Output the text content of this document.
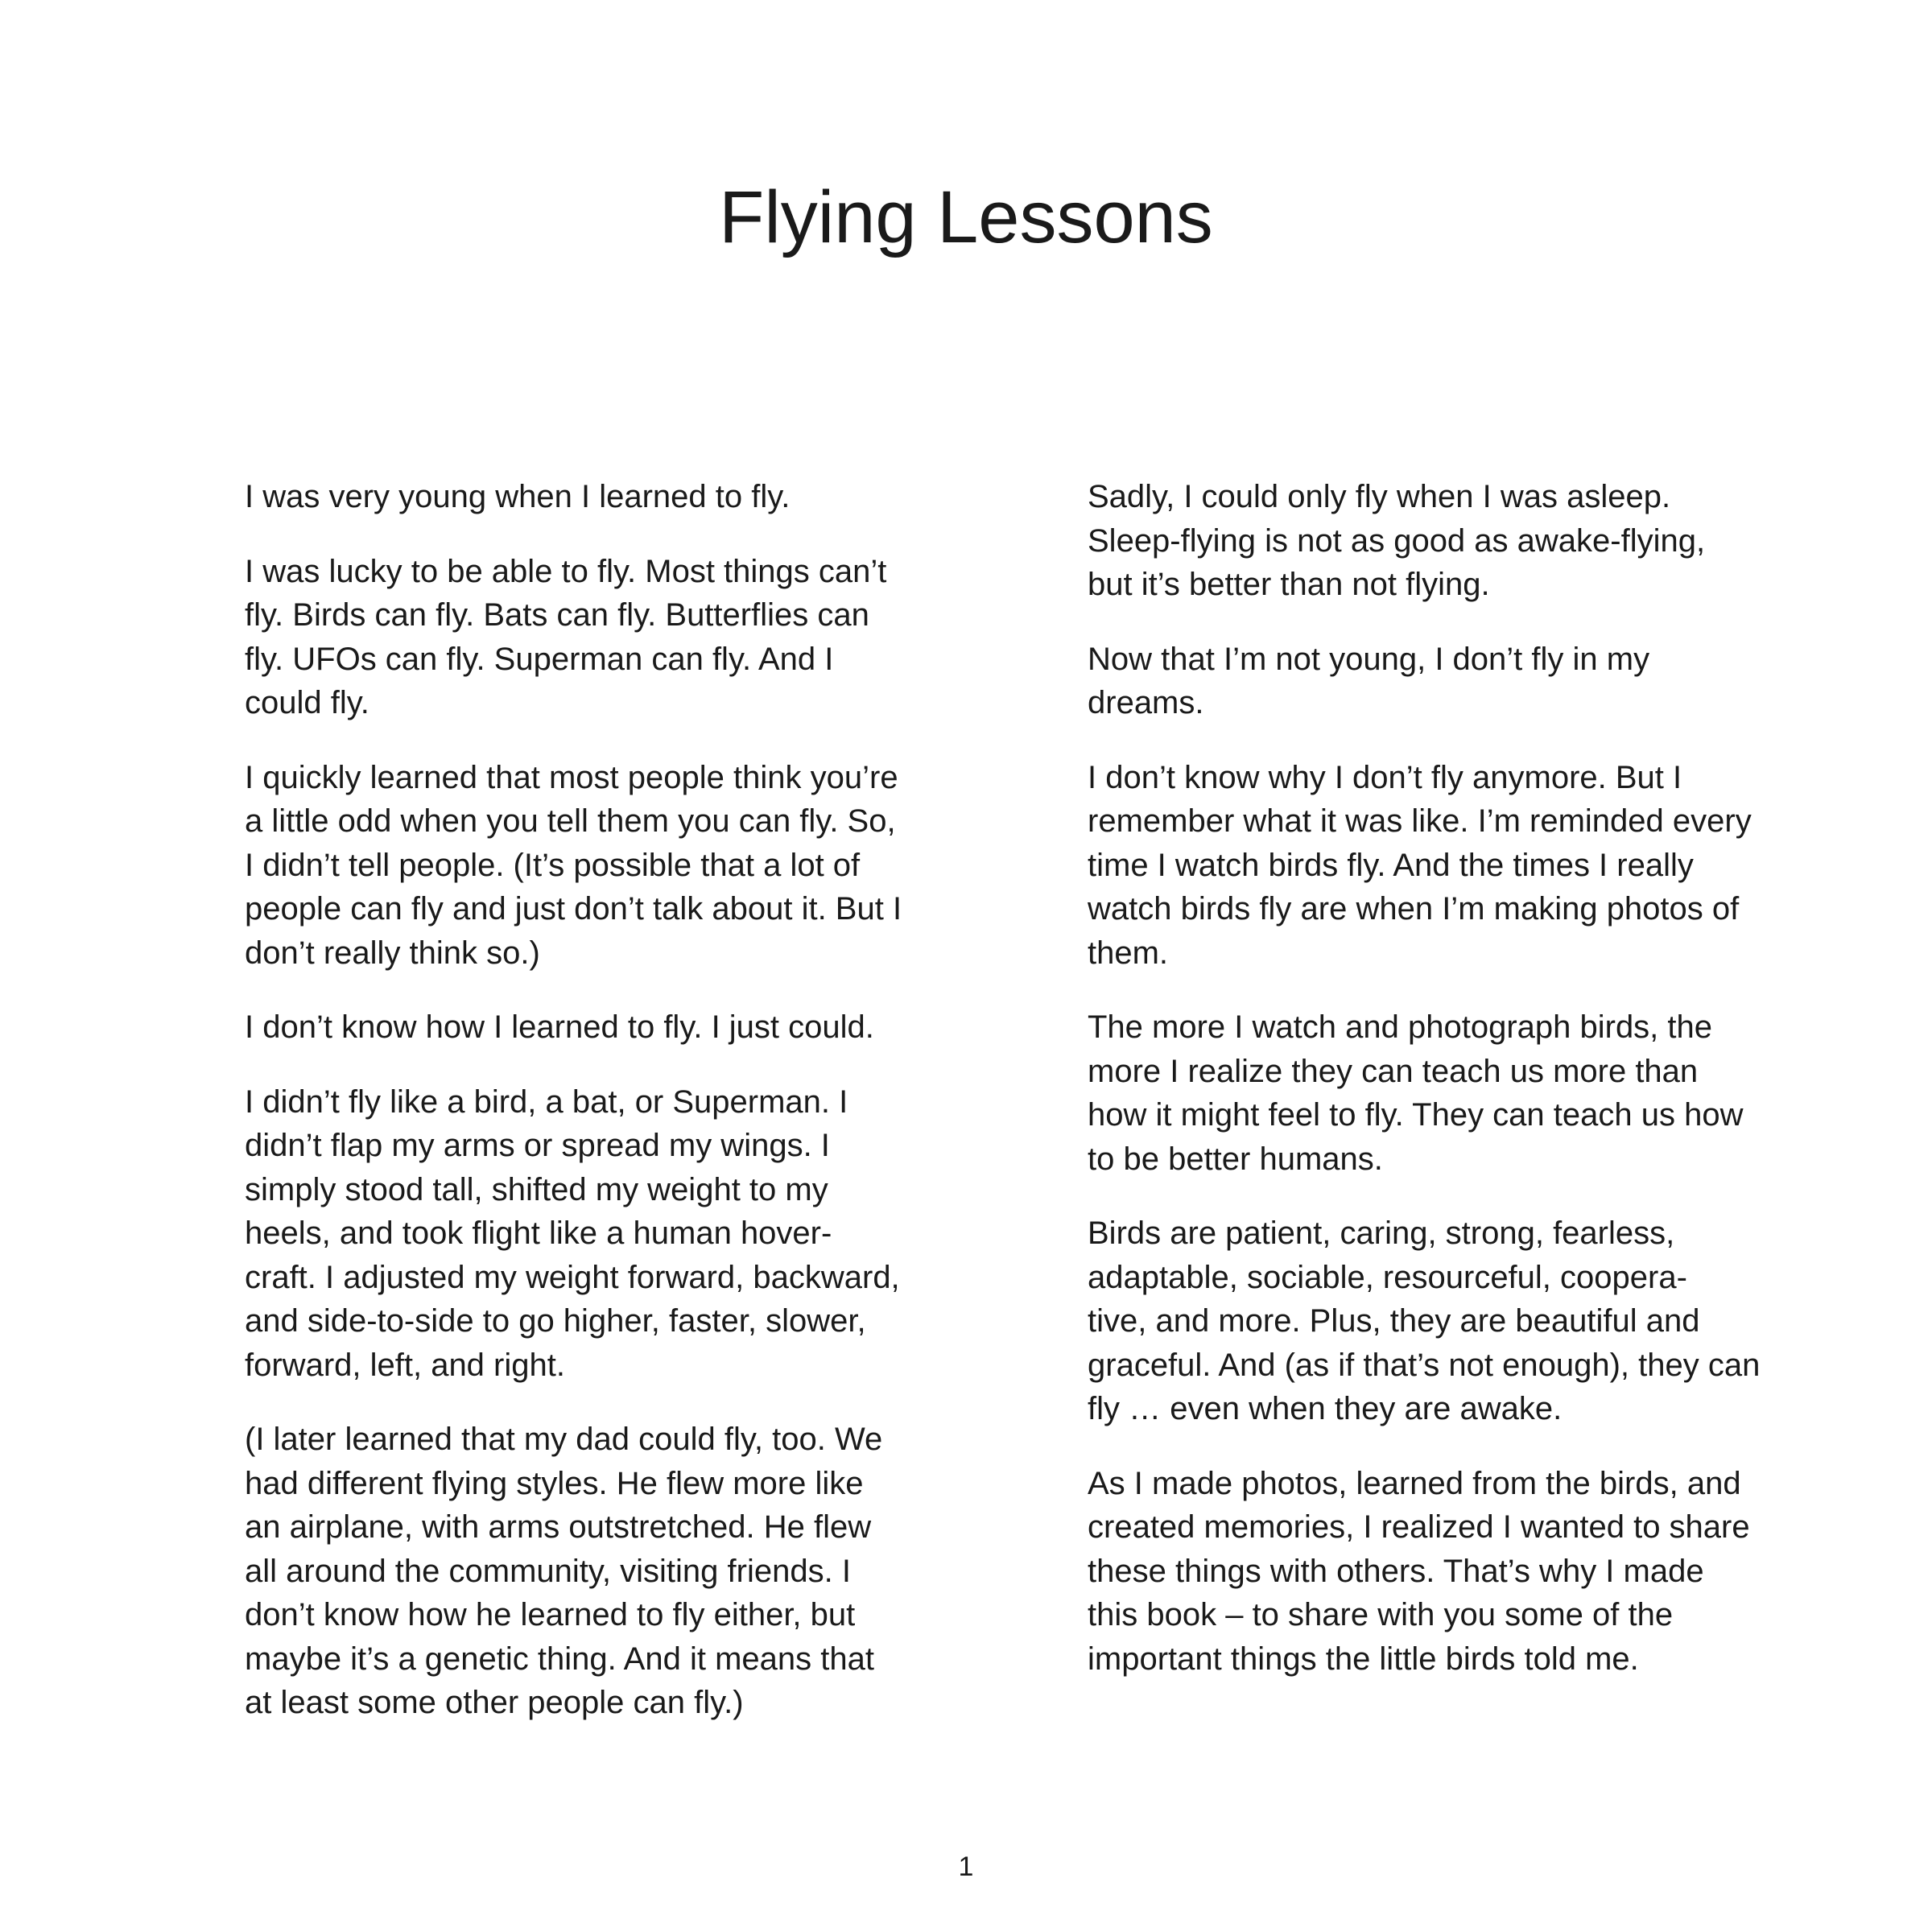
Flying Lessons

I was very young when I learned to fly.

I was lucky to be able to fly. Most things can’t
fly. Birds can fly. Bats can fly. Butterflies can
fly. UFOs can fly. Superman can fly. And I
could fly.

I quickly learned that most people think you’re
a little odd when you tell them you can fly. So,
I didn’t tell people. (It’s possible that a lot of
people can fly and just don’t talk about it. But I
don’t really think so.)

I don’t know how I learned to fly. I just could.

I didn’t fly like a bird, a bat, or Superman. I
didn’t flap my arms or spread my wings. I
simply stood tall, shifted my weight to my
heels, and took flight like a human hover-
craft. I adjusted my weight forward, backward,
and side-to-side to go higher, faster, slower,
forward, left, and right.

(I later learned that my dad could fly, too. We
had different flying styles. He flew more like
an airplane, with arms outstretched. He flew
all around the community, visiting friends. I
don’t know how he learned to fly either, but
maybe it’s a genetic thing. And it means that
at least some other people can fly.)

Sadly, I could only fly when I was asleep.
Sleep-flying is not as good as awake-flying,
but it’s better than not flying.

Now that I’m not young, I don’t fly in my
dreams.

I don’t know why I don’t fly anymore. But I
remember what it was like. I’m reminded every
time I watch birds fly. And the times I really
watch birds fly are when I’m making photos of
them.

The more I watch and photograph birds, the
more I realize they can teach us more than
how it might feel to fly. They can teach us how
to be better humans.

Birds are patient, caring, strong, fearless,
adaptable, sociable, resourceful, coopera-
tive, and more. Plus, they are beautiful and
graceful. And (as if that’s not enough), they can
fly … even when they are awake.

As I made photos, learned from the birds, and
created memories, I realized I wanted to share
these things with others. That’s why I made
this book – to share with you some of the
important things the little birds told me.

1
